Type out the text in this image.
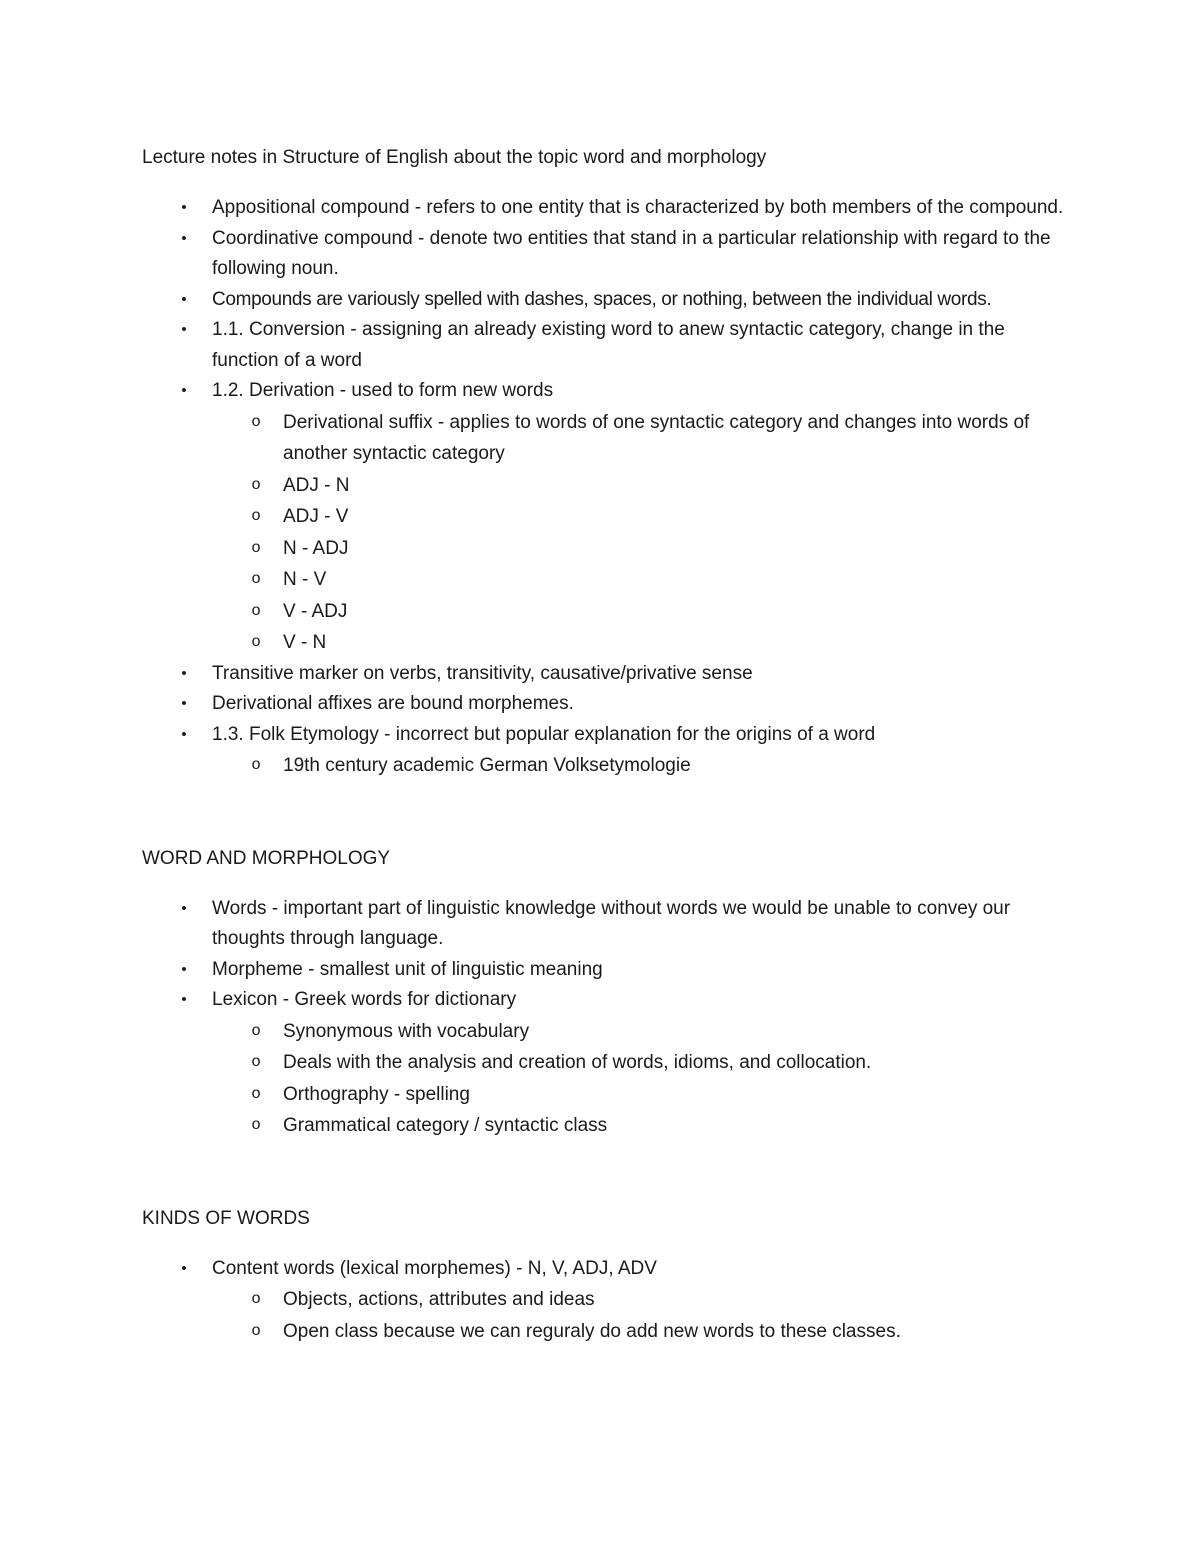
Lecture notes in Structure of English about the topic word and morphology

• Appositional compound - refers to one entity that is characterized by both members of the compound.
• Coordinative compound - denote two entities that stand in a particular relationship with regard to the following noun.
• Compounds are variously spelled with dashes, spaces, or nothing, between the individual words.
• 1.1. Conversion - assigning an already existing word to anew syntactic category, change in the function of a word
• 1.2. Derivation - used to form new words
o Derivational suffix - applies to words of one syntactic category and changes into words of another syntactic category
o ADJ - N
o ADJ - V
o N - ADJ
o N - V
o V - ADJ
o V - N
• Transitive marker on verbs, transitivity, causative/privative sense
• Derivational affixes are bound morphemes.
• 1.3. Folk Etymology - incorrect but popular explanation for the origins of a word
o 19th century academic German Volksetymologie

WORD AND MORPHOLOGY

• Words - important part of linguistic knowledge without words we would be unable to convey our thoughts through language.
• Morpheme - smallest unit of linguistic meaning
• Lexicon - Greek words for dictionary
o Synonymous with vocabulary
o Deals with the analysis and creation of words, idioms, and collocation.
o Orthography - spelling
o Grammatical category / syntactic class

KINDS OF WORDS

• Content words (lexical morphemes) - N, V, ADJ, ADV
o Objects, actions, attributes and ideas
o Open class because we can reguraly do add new words to these classes.
